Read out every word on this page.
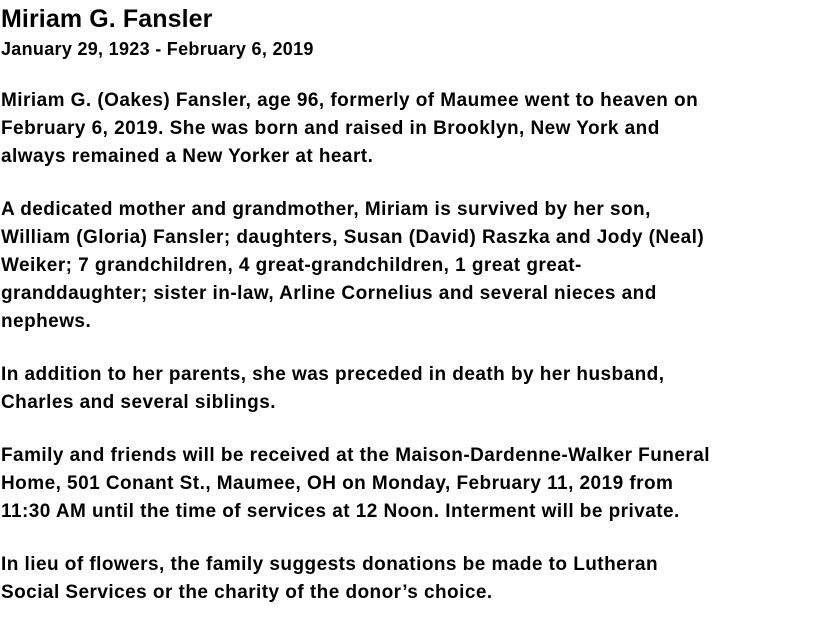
Miriam G. Fansler
January 29, 1923 - February 6, 2019

Miriam G. (Oakes) Fansler, age 96, formerly of Maumee went to heaven on
February 6, 2019. She was born and raised in Brooklyn, New York and
always remained a New Yorker at heart.

A dedicated mother and grandmother, Miriam is survived by her son,
William (Gloria) Fansler; daughters, Susan (David) Raszka and Jody (Neal)
Weiker; 7 grandchildren, 4 great-grandchildren, 1 great great-
granddaughter; sister in-law, Arline Cornelius and several nieces and
nephews.

In addition to her parents, she was preceded in death by her husband,
Charles and several siblings.

Family and friends will be received at the Maison-Dardenne-Walker Funeral
Home, 501 Conant St., Maumee, OH on Monday, February 11, 2019 from
11:30 AM until the time of services at 12 Noon. Interment will be private.

In lieu of flowers, the family suggests donations be made to Lutheran
Social Services or the charity of the donor’s choice.
